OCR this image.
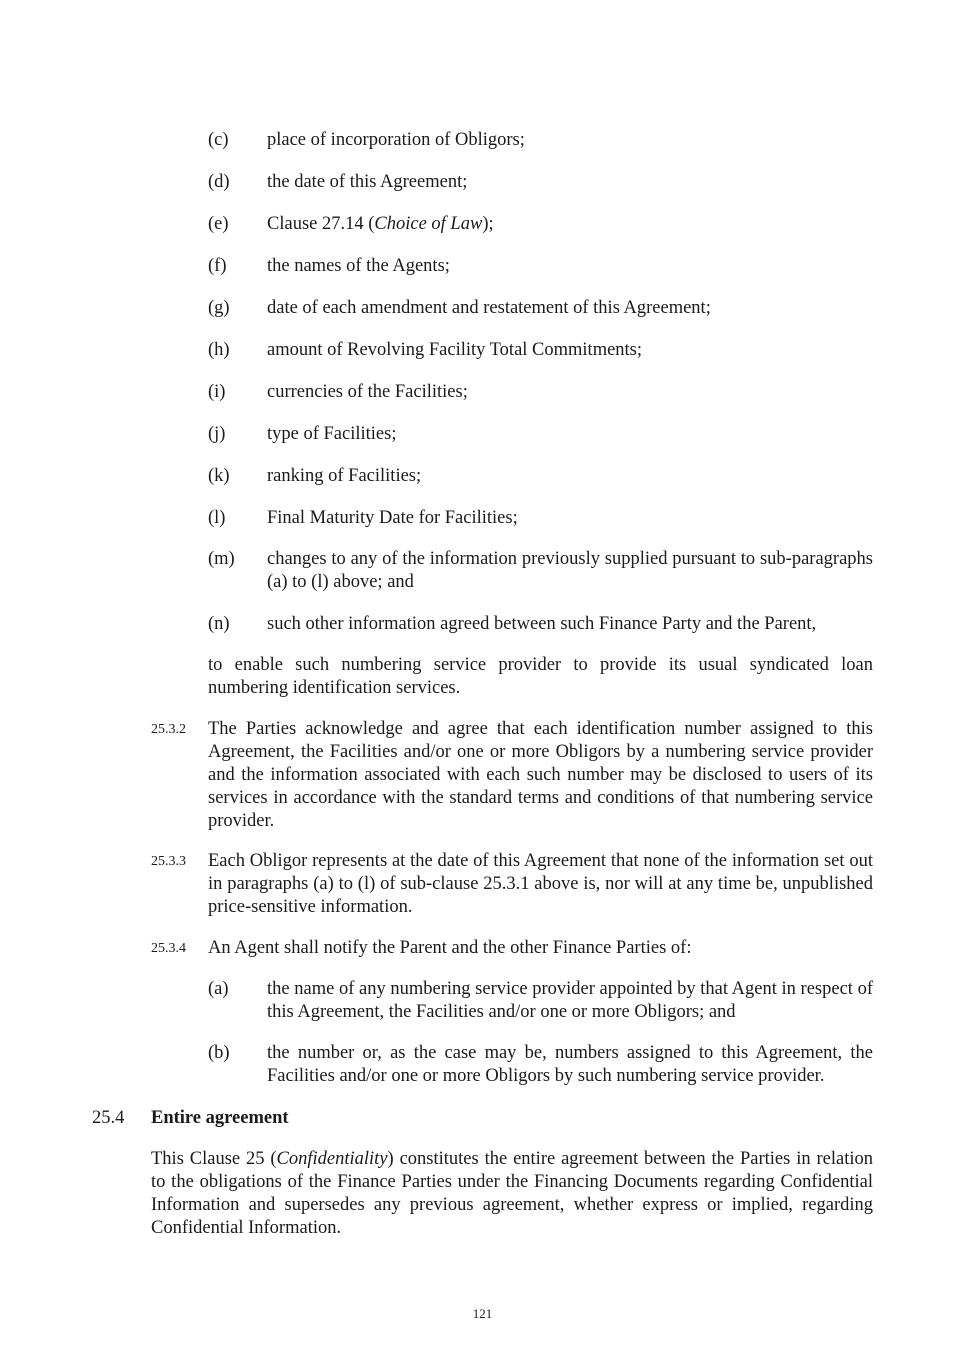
(c) place of incorporation of Obligors;
(d) the date of this Agreement;
(e) Clause 27.14 (Choice of Law);
(f) the names of the Agents;
(g) date of each amendment and restatement of this Agreement;
(h) amount of Revolving Facility Total Commitments;
(i) currencies of the Facilities;
(j) type of Facilities;
(k) ranking of Facilities;
(l) Final Maturity Date for Facilities;
(m) changes to any of the information previously supplied pursuant to sub-paragraphs (a) to (l) above; and
(n) such other information agreed between such Finance Party and the Parent,
to enable such numbering service provider to provide its usual syndicated loan numbering identification services.
25.3.2 The Parties acknowledge and agree that each identification number assigned to this Agreement, the Facilities and/or one or more Obligors by a numbering service provider and the information associated with each such number may be disclosed to users of its services in accordance with the standard terms and conditions of that numbering service provider.
25.3.3 Each Obligor represents at the date of this Agreement that none of the information set out in paragraphs (a) to (l) of sub-clause 25.3.1 above is, nor will at any time be, unpublished price-sensitive information.
25.3.4 An Agent shall notify the Parent and the other Finance Parties of:
(a) the name of any numbering service provider appointed by that Agent in respect of this Agreement, the Facilities and/or one or more Obligors; and
(b) the number or, as the case may be, numbers assigned to this Agreement, the Facilities and/or one or more Obligors by such numbering service provider.
25.4 Entire agreement
This Clause 25 (Confidentiality) constitutes the entire agreement between the Parties in relation to the obligations of the Finance Parties under the Financing Documents regarding Confidential Information and supersedes any previous agreement, whether express or implied, regarding Confidential Information.
121
